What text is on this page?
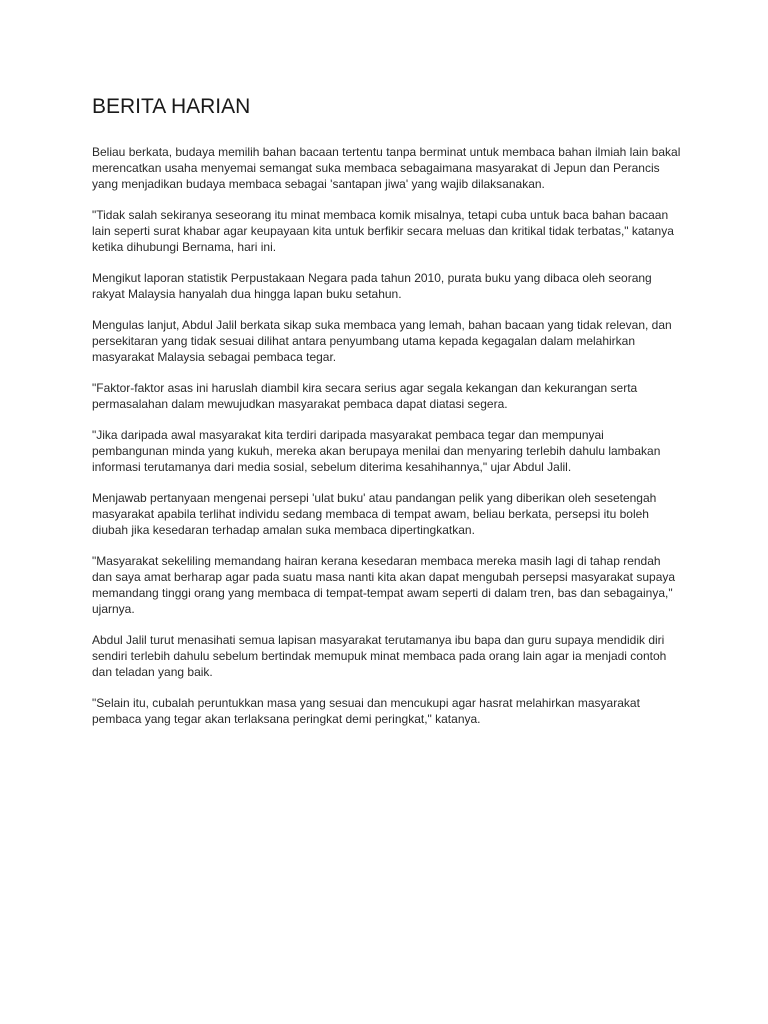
BERITA HARIAN

Beliau berkata, budaya memilih bahan bacaan tertentu tanpa berminat untuk membaca bahan ilmiah lain bakal merencatkan usaha menyemai semangat suka membaca sebagaimana masyarakat di Jepun dan Perancis yang menjadikan budaya membaca sebagai 'santapan jiwa' yang wajib dilaksanakan.

"Tidak salah sekiranya seseorang itu minat membaca komik misalnya, tetapi cuba untuk baca bahan bacaan lain seperti surat khabar agar keupayaan kita untuk berfikir secara meluas dan kritikal tidak terbatas," katanya ketika dihubungi Bernama, hari ini.

Mengikut laporan statistik Perpustakaan Negara pada tahun 2010, purata buku yang dibaca oleh seorang rakyat Malaysia hanyalah dua hingga lapan buku setahun.

Mengulas lanjut, Abdul Jalil berkata sikap suka membaca yang lemah, bahan bacaan yang tidak relevan, dan persekitaran yang tidak sesuai dilihat antara penyumbang utama kepada kegagalan dalam melahirkan masyarakat Malaysia sebagai pembaca tegar.

"Faktor-faktor asas ini haruslah diambil kira secara serius agar segala kekangan dan kekurangan serta permasalahan dalam mewujudkan masyarakat pembaca dapat diatasi segera.

"Jika daripada awal masyarakat kita terdiri daripada masyarakat pembaca tegar dan mempunyai pembangunan minda yang kukuh, mereka akan berupaya menilai dan menyaring terlebih dahulu lambakan informasi terutamanya dari media sosial, sebelum diterima kesahihannya," ujar Abdul Jalil.

Menjawab pertanyaan mengenai persepi 'ulat buku' atau pandangan pelik yang diberikan oleh sesetengah masyarakat apabila terlihat individu sedang membaca di tempat awam, beliau berkata, persepsi itu boleh diubah jika kesedaran terhadap amalan suka membaca dipertingkatkan.

"Masyarakat sekeliling memandang hairan kerana kesedaran membaca mereka masih lagi di tahap rendah dan saya amat berharap agar pada suatu masa nanti kita akan dapat mengubah persepsi masyarakat supaya memandang tinggi orang yang membaca di tempat-tempat awam seperti di dalam tren, bas dan sebagainya," ujarnya.

Abdul Jalil turut menasihati semua lapisan masyarakat terutamanya ibu bapa dan guru supaya mendidik diri sendiri terlebih dahulu sebelum bertindak memupuk minat membaca pada orang lain agar ia menjadi contoh dan teladan yang baik.

"Selain itu, cubalah peruntukkan masa yang sesuai dan mencukupi agar hasrat melahirkan masyarakat pembaca yang tegar akan terlaksana peringkat demi peringkat," katanya.
